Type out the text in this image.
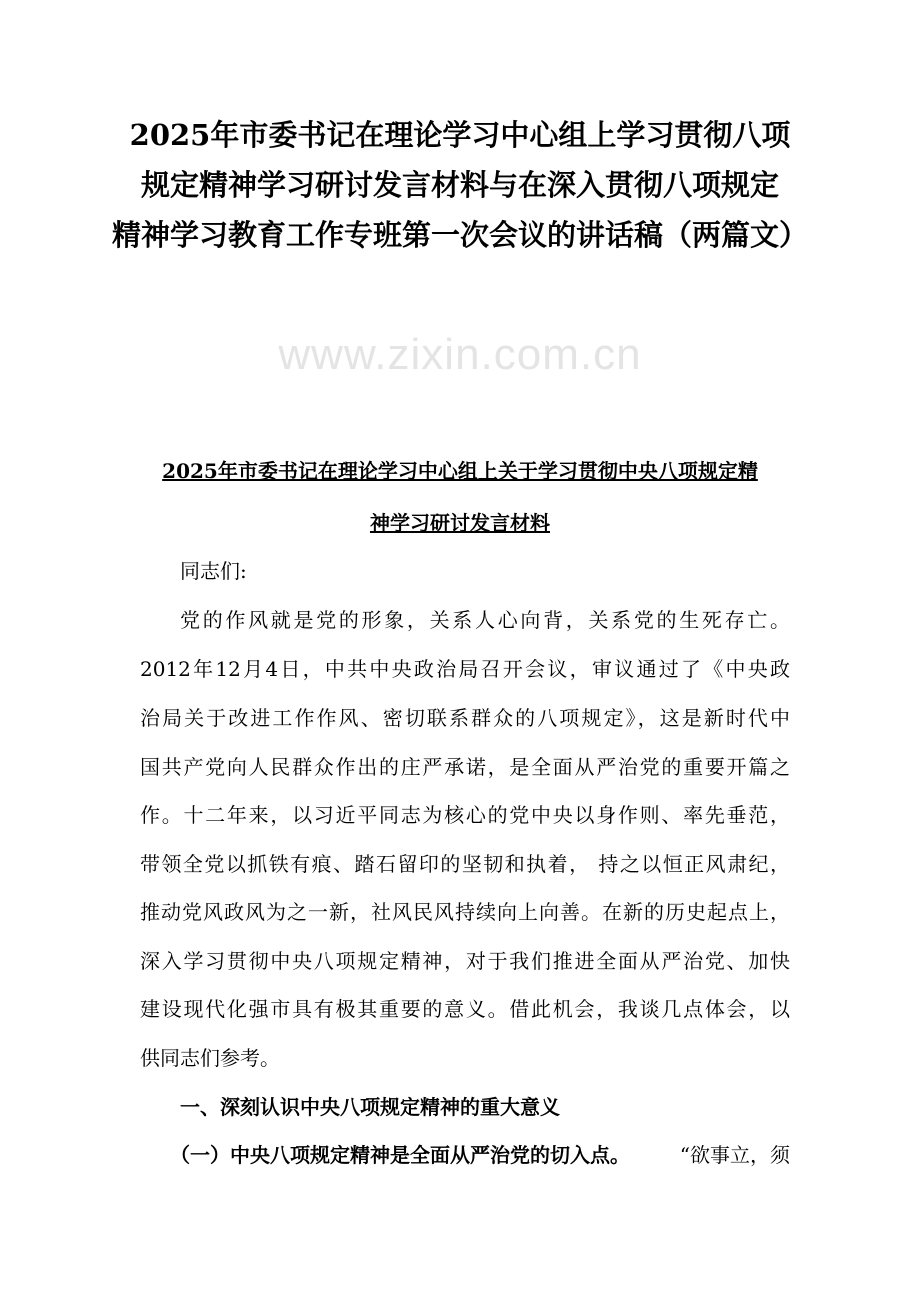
www.zixin.com.cn
2025年市委书记在理论学习中心组上学习贯彻八项
规定精神学习研讨发言材料与在深入贯彻八项规定
精神学习教育工作专班第一次会议的讲话稿（两篇文）
2025年市委书记在理论学习中心组上关于学习贯彻中央八项规定精
神学习研讨发言材料
同志们:
党的作风就是党的形象，关系人心向背，关系党的生死存亡。
2012年12月4日，中共中央政治局召开会议，审议通过了《中央政
治局关于改进工作作风、密切联系群众的八项规定》，这是新时代中
国共产党向人民群众作出的庄严承诺，是全面从严治党的重要开篇之
作。十二年来，以习近平同志为核心的党中央以身作则、率先垂范，
带领全党以抓铁有痕、踏石留印的坚韧和执着， 持之以恒正风肃纪，
推动党风政风为之一新，社风民风持续向上向善。在新的历史起点上，
深入学习贯彻中央八项规定精神，对于我们推进全面从严治党、加快
建设现代化强市具有极其重要的意义。借此机会，我谈几点体会，以
供同志们参考。
一、深刻认识中央八项规定精神的重大意义
（一）中央八项规定精神是全面从严治党的切入点。 “欲事立，须
